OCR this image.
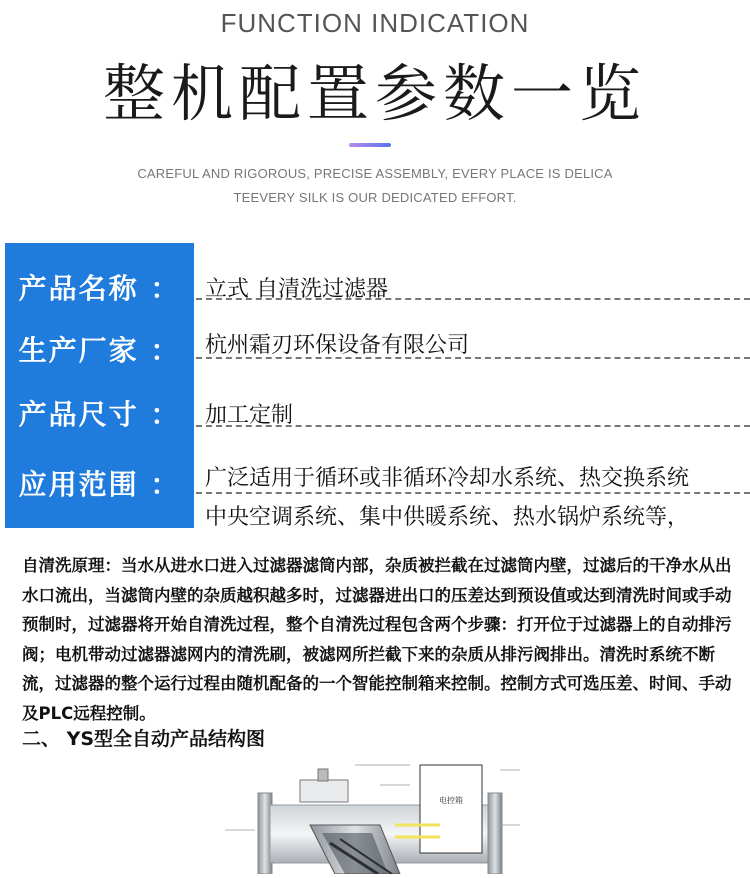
FUNCTION INDICATION
整机配置参数一览
CAREFUL AND RIGOROUS, PRECISE ASSEMBLY, EVERY PLACE IS DELICA
TEEVERY SILK IS OUR DEDICATED EFFORT.
产品名称 ：
生产厂家 ：
产品尺寸 ：
应用范围 ：
立式 自清洗过滤器
杭州霜刃环保设备有限公司
加工定制
广泛适用于循环或非循环冷却水系统、热交换系统
中央空调系统、集中供暖系统、热水锅炉系统等，
自清洗原理：当水从进水口进入过滤器滤筒内部，杂质被拦截在过滤筒内壁，过滤后的干净水从出水口流出，当滤筒内壁的杂质越积越多时，过滤器进出口的压差达到预设值或达到清洗时间或手动预制时，过滤器将开始自清洗过程，整个自清洗过程包含两个步骤：打开位于过滤器上的自动排污阀；电机带动过滤器滤网内的清洗刷，被滤网所拦截下来的杂质从排污阀排出。清洗时系统不断流，过滤器的整个运行过程由随机配备的一个智能控制箱来控制。控制方式可选压差、时间、手动及PLC远程控制。
二、 YS型全自动产品结构图
电控箱
